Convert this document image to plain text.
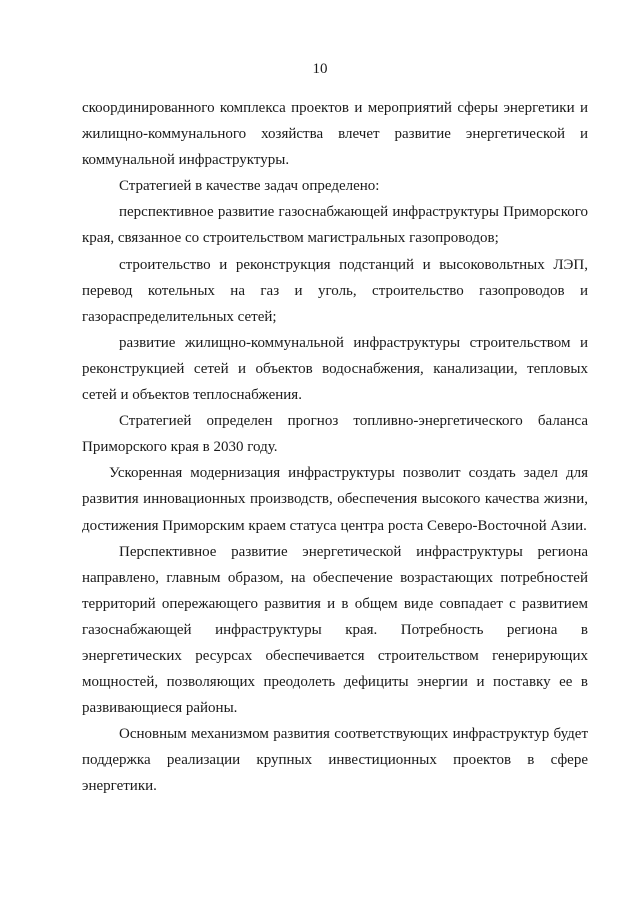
10

скоординированного комплекса проектов и мероприятий сферы энергетики и жилищно-коммунального хозяйства влечет развитие энергетической и коммунальной инфраструктуры.

Стратегией в качестве задач определено:

перспективное развитие газоснабжающей инфраструктуры Приморского края, связанное со строительством магистральных газопроводов;

строительство и реконструкция подстанций и высоковольтных ЛЭП, перевод котельных на газ и уголь, строительство газопроводов и газораспределительных сетей;

развитие жилищно-коммунальной инфраструктуры строительством и реконструкцией сетей и объектов водоснабжения, канализации, тепловых сетей и объектов теплоснабжения.

Стратегией определен прогноз топливно-энергетического баланса Приморского края в 2030 году.

Ускоренная модернизация инфраструктуры позволит создать задел для развития инновационных производств, обеспечения высокого качества жизни, достижения Приморским краем статуса центра роста Северо-Восточной Азии.

Перспективное развитие энергетической инфраструктуры региона направлено, главным образом, на обеспечение возрастающих потребностей территорий опережающего развития и в общем виде совпадает с развитием газоснабжающей инфраструктуры края. Потребность региона в энергетических ресурсах обеспечивается строительством генерирующих мощностей, позволяющих преодолеть дефициты энергии и поставку ее в развивающиеся районы.

Основным механизмом развития соответствующих инфраструктур будет поддержка реализации крупных инвестиционных проектов в сфере энергетики.
